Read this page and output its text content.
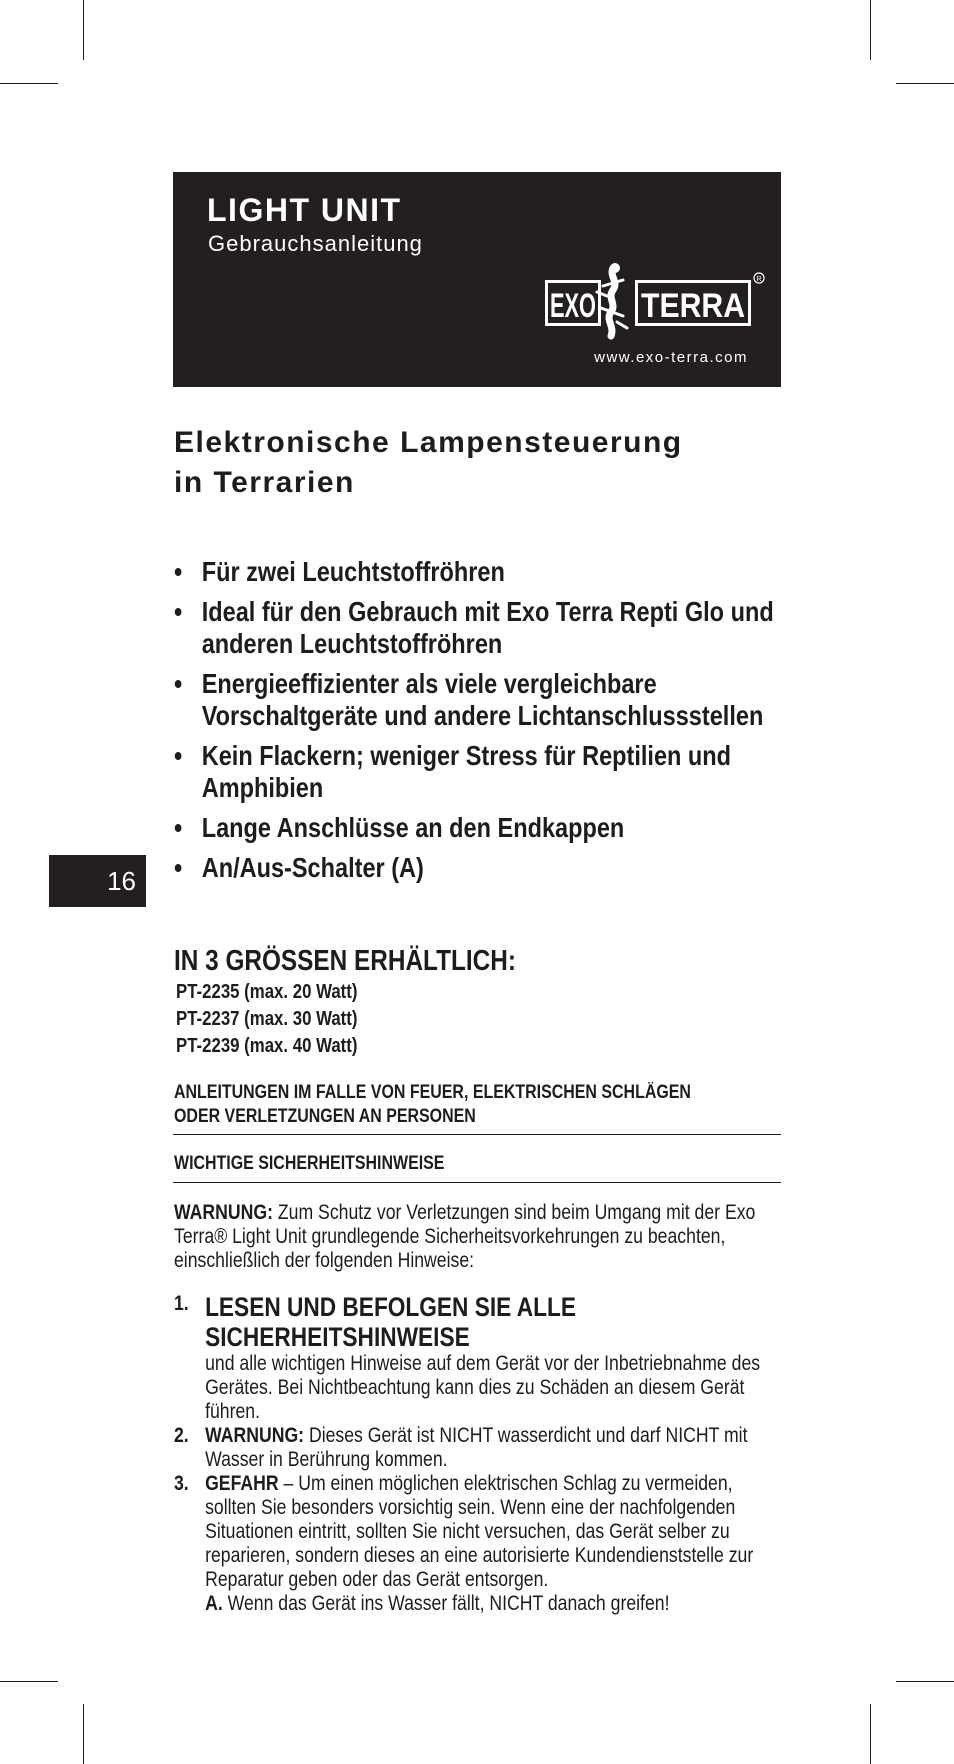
LIGHT UNIT
Gebrauchsanleitung
EXO TERRA
R
www.exo-terra.com
Elektronische Lampensteuerung in Terrarien
• Für zwei Leuchtstoffröhren
• Ideal für den Gebrauch mit Exo Terra Repti Glo und anderen Leuchtstoffröhren
• Energieeffizienter als viele vergleichbare Vorschaltgeräte und andere Lichtanschlussstellen
• Kein Flackern; weniger Stress für Reptilien und Amphibien
• Lange Anschlüsse an den Endkappen
• An/Aus-Schalter (A)
16
IN 3 GRÖSSEN ERHÄLTLICH:
PT-2235 (max. 20 Watt)
PT-2237 (max. 30 Watt)
PT-2239 (max. 40 Watt)
ANLEITUNGEN IM FALLE VON FEUER, ELEKTRISCHEN SCHLÄGEN
ODER VERLETZUNGEN AN PERSONEN
WICHTIGE SICHERHEITSHINWEISE
WARNUNG: Zum Schutz vor Verletzungen sind beim Umgang mit der Exo Terra® Light Unit grundlegende Sicherheitsvorkehrungen zu beachten, einschließlich der folgenden Hinweise:
1. LESEN UND BEFOLGEN SIE ALLE SICHERHEITSHINWEISE
und alle wichtigen Hinweise auf dem Gerät vor der Inbetriebnahme des Gerätes. Bei Nichtbeachtung kann dies zu Schäden an diesem Gerät führen.
2. WARNUNG: Dieses Gerät ist NICHT wasserdicht und darf NICHT mit Wasser in Berührung kommen.
3. GEFAHR – Um einen möglichen elektrischen Schlag zu vermeiden, sollten Sie besonders vorsichtig sein. Wenn eine der nachfolgenden Situationen eintritt, sollten Sie nicht versuchen, das Gerät selber zu reparieren, sondern dieses an eine autorisierte Kundendienststelle zur Reparatur geben oder das Gerät entsorgen.
A. Wenn das Gerät ins Wasser fällt, NICHT danach greifen!
